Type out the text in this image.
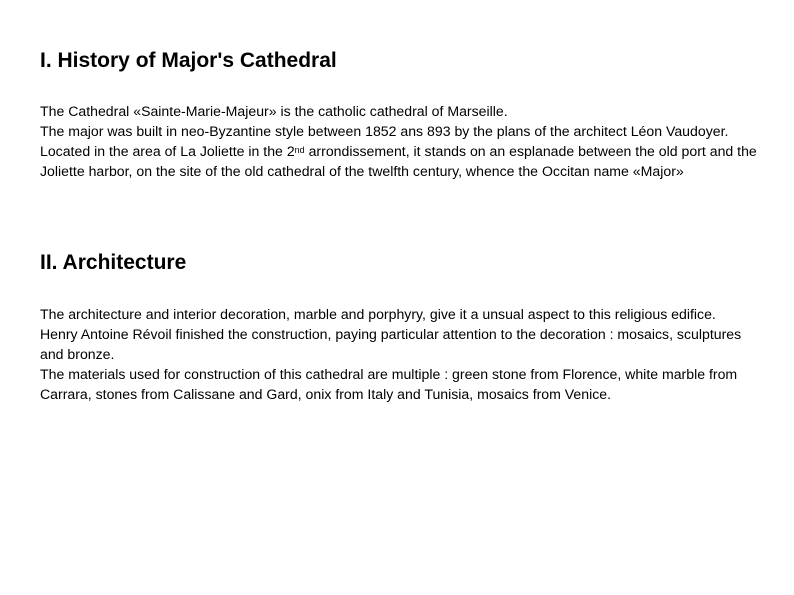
I. History of Major's Cathedral

The Cathedral «Sainte-Marie-Majeur» is the catholic cathedral of Marseille.

The major was built in neo-Byzantine style between 1852 ans 893 by the plans of the architect Léon Vaudoyer.

Located in the area of La Joliette in the 2nd arrondissement, it stands on an esplanade between the old port and the Joliette harbor, on the site of the old cathedral of the twelfth century, whence the Occitan name «Major»

II. Architecture

The architecture and interior decoration, marble and porphyry, give it a unsual aspect to this religious edifice.

Henry Antoine Révoil finished the construction, paying particular attention to the decoration : mosaics, sculptures and bronze.

The materials used for construction of this cathedral are multiple : green stone from Florence, white marble from Carrara, stones from Calissane and Gard, onix from Italy and Tunisia, mosaics from Venice.
